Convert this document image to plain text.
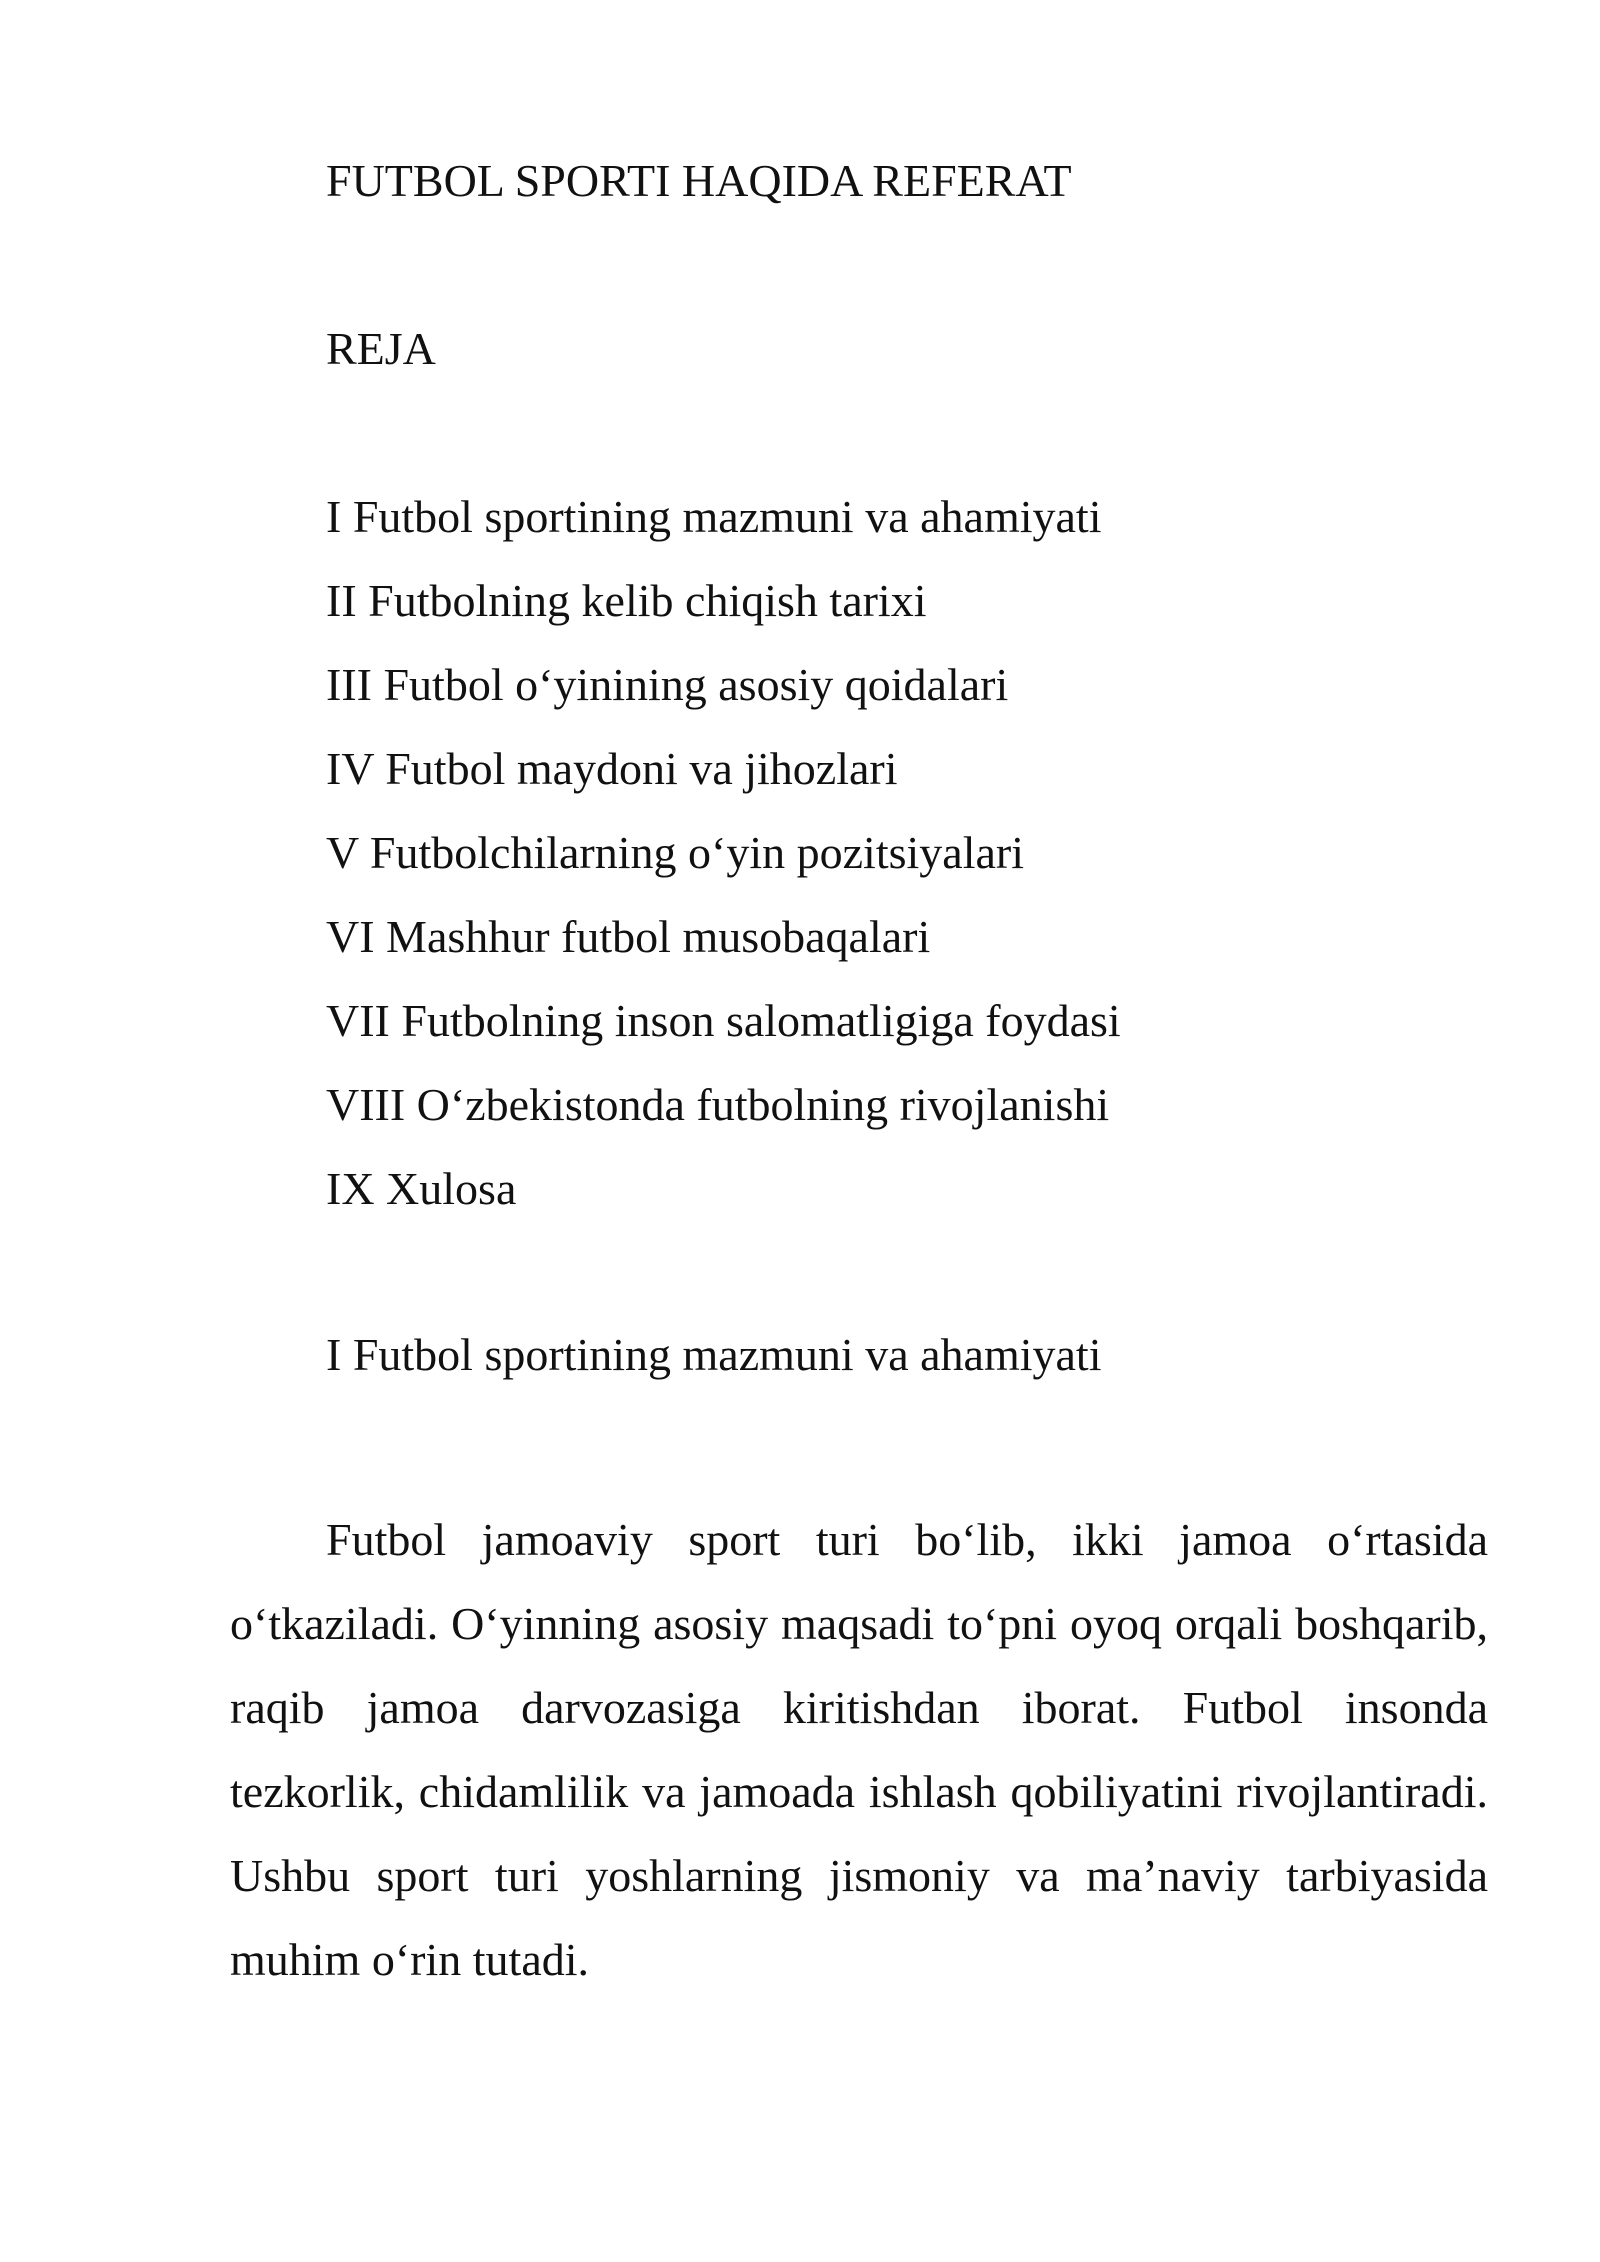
FUTBOL SPORTI HAQIDA REFERAT
REJA
I Futbol sportining mazmuni va ahamiyati
II Futbolning kelib chiqish tarixi
III Futbol o‘yinining asosiy qoidalari
IV Futbol maydoni va jihozlari
V Futbolchilarning o‘yin pozitsiyalari
VI Mashhur futbol musobaqalari
VII Futbolning inson salomatligiga foydasi
VIII O‘zbekistonda futbolning rivojlanishi
IX Xulosa
I Futbol sportining mazmuni va ahamiyati

Futbol jamoaviy sport turi bo‘lib, ikki jamoa o‘rtasida o‘tkaziladi. O‘yinning asosiy maqsadi to‘pni oyoq orqali boshqarib, raqib jamoa darvozasiga kiritishdan iborat. Futbol insonda tezkorlik, chidamlilik va jamoada ishlash qobiliyatini rivojlantiradi. Ushbu sport turi yoshlarning jismoniy va ma’naviy tarbiyasida muhim o‘rin tutadi.
